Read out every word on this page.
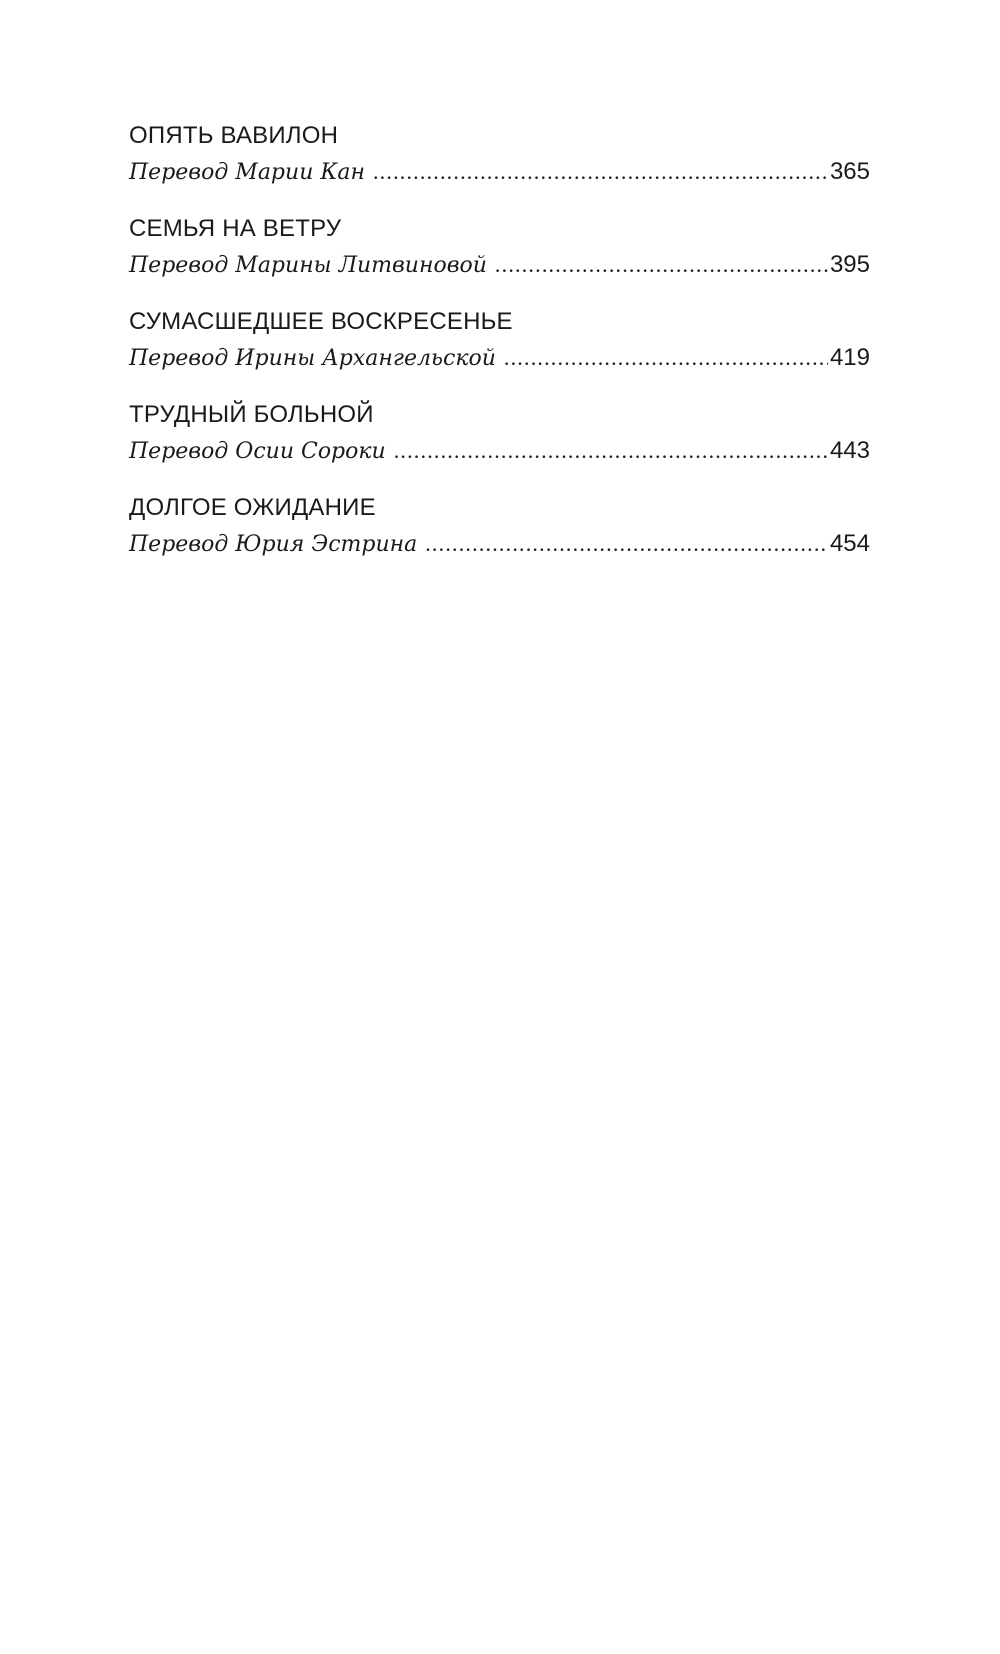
ОПЯТЬ ВАВИЛОН
Перевод Марии Кан .....	365
СЕМЬЯ НА ВЕТРУ
Перевод Марины Литвиновой .....	395
СУМАСШЕДШЕЕ ВОСКРЕСЕНЬЕ
Перевод Ирины Архангельской .....	419
ТРУДНЫЙ БОЛЬНОЙ
Перевод Осии Сороки .....	443
ДОЛГОЕ ОЖИДАНИЕ
Перевод Юрия Эстрина .....	454
